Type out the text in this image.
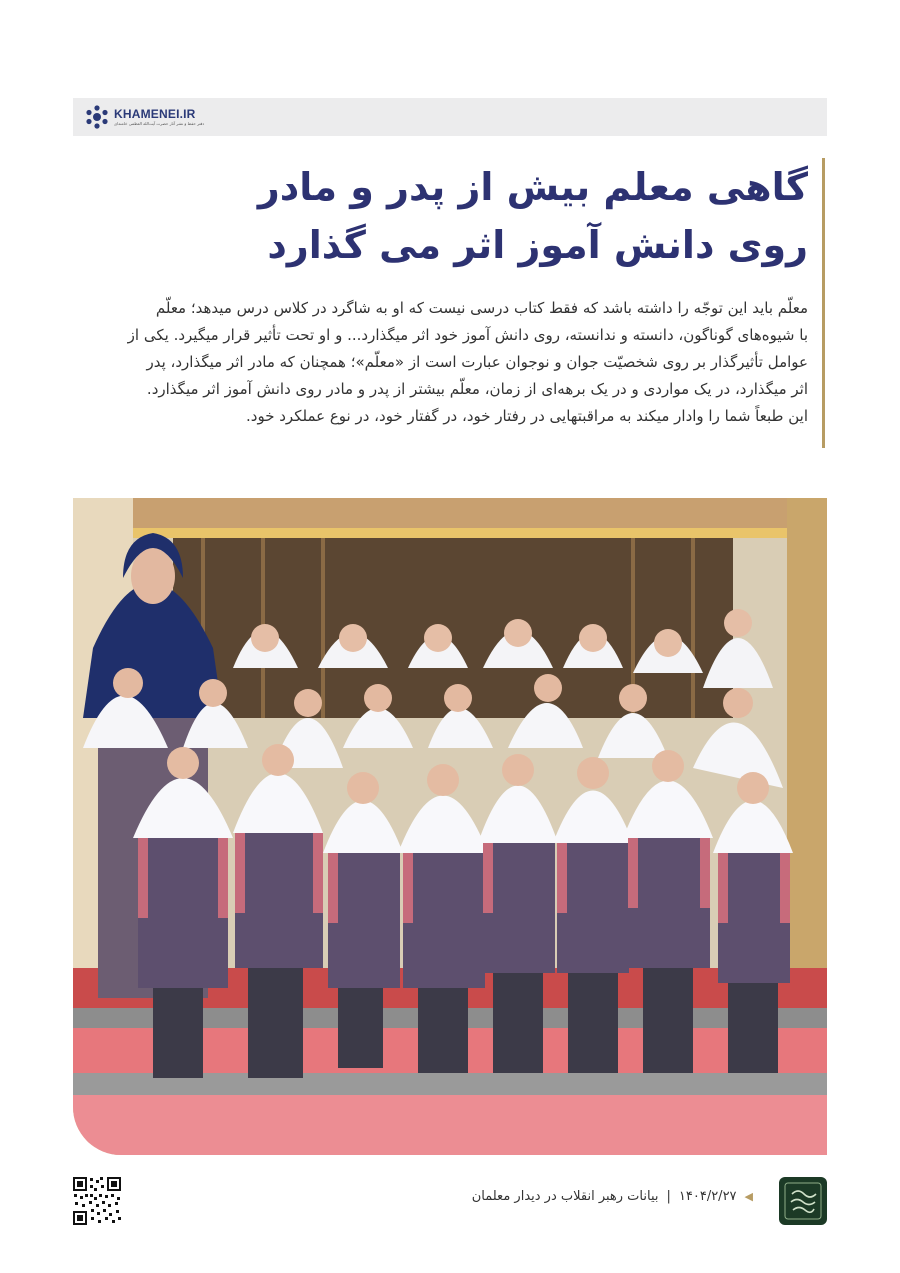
KHAMENEI.IR
دفتر حفظ و نشر آثار حضرت آیت‌الله العظمی خامنه‌ای

گاهی معلم بیش از پدر و مادر

روی دانش آموز اثر می گذارد

معلّم باید این توجّه را داشته باشد که فقط کتاب درسی نیست که او به شاگرد در کلاس درس میدهد؛ معلّم

با شیوه‌های گوناگون، دانسته و ندانسته، روی دانش آموز خود اثر میگذارد... و او تحت تأثیر قرار میگیرد. یکی از

عوامل تأثیرگذار بر روی شخصیّت جوان و نوجوان عبارت است از «معلّم»؛ همچنان که مادر اثر میگذارد، پدر

اثر میگذارد، در یک مواردی و در یک برهه‌ای از زمان، معلّم بیشتر از پدر و مادر روی دانش آموز اثر میگذارد.

این طبعاً شما را وادار میکند به مراقبتهایی در رفتار خود، در گفتار خود، در نوع عملکرد خود.

◀
۱۴۰۴/۲/۲۷
|
بیانات رهبر انقلاب در دیدار معلمان
